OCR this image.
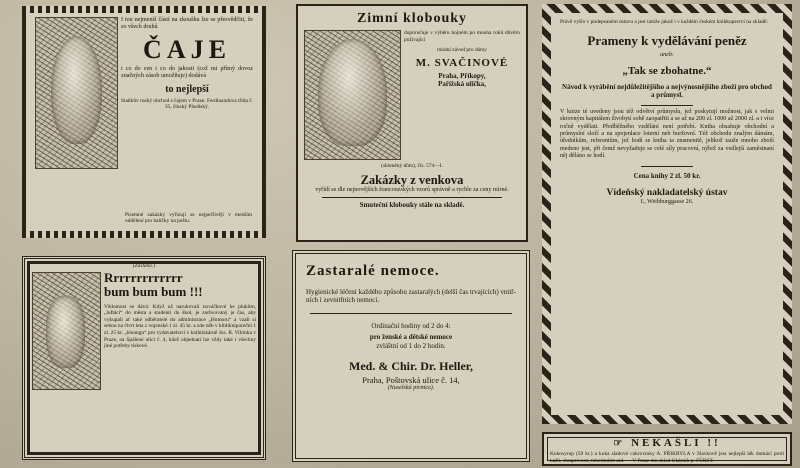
I tou nejmenší částí na zkoušku lze se přesvědčiti, že so všech druhů
ČAJE
i co do cen i co do jakosti (což mi přímý dovoz značných zásob umožňuje) dodává
to nejlepší
Staňkův ruský obchod s čajem v Praze, Ferdinandova třída č. 35, čínský Plzeňský.
Písemné zakázky vyřizují se nejpečlivěji v menším oddělení pro balíčky na poštu.
Zimní klobouky
doporučuje v výběru hojném po mnoha roků důvěrn požívající
módní závod pro dámy
M. SVAČINOVÉ
Praha, Příkopy,
Pařížská ulička,
(skleněný dům), čís. 574—I.
Zakázky z venkova
vyřídí se dle nejnovějších francouzských vzorů správně a rychle za ceny mírné.
Smuteční klobouky stále na skladě.
Právě vyšlo v podepsaném ústavu a jest tamže jakož i v každém českém knihkupectví na skladě:
Prameny k vydělávání peněz
aneb:
„Tak se zbohatne.“
Návod k vyrábění nejdůležitějšího a nejvýnosnějšího zboží pro obchod a průmysl.
V knize té uvedeny jsou též odvětví průmyslu, jež poskytují možnost, jak s velmi skrovným kapitálem živobytí sobě zaopatřiti a se až na 200 zl. 1000 až 2000 zl. a i více ročně vydělati. Předběžného vzdělání není potřebí. Kniha obsahuje obchodní a průmyslní složí a na spojenlace loterní neb buržovní. Též obchodu znalým dámám, úřednikům, referentům, jež hodí se kniha ta znamenitě, jelikož tauže mnoho zboží medeno jest, při čemž nevyžaduje se celé síly pracovní, nýbrž za vedlejší zaměstnaní něj děláno se hodí.
Cena knihy 2 zl. 50 kr.
Vídeňský nakladatelský ústav
I., Weihburggasse 26.
(Zaslano.)
Rrrrrrrrrrrrr
bum bum bum !!!
Vědomost se dává: Když už narukovali nováčkové ke plukům, „luftáci“ do města a studenti do škol, je zorhvovaný je čas, aby vykupali ať také odběratelé do administrace „Humoru“ a vzali si sebou na čtvrt leta z vojenské 1 zl. 45 kr. a zde něb v kiblikniporečni 1 zl. 25 kr. „lénungu“ pro vydavatelství v knihtiskárně Jos. R. Vilímka v Praze, na Spálené ulici č. 4, kdež objednati lze vždy také i všechny jiné potřeby tiskové.
Zastaralé nemoce.
Hygienické léčení každého způsobu zastaralých (delší čas trvajících) vnitřních i zevnitřních nemoci.
Ordinační hodiny od 2 do 4:
pro ženské a dětské nemoce
zvláštní od 1 do 2 hodin.
Med. & Chir. Dr. Heller,
Praha, Poštovská ulice č. 14,
(Nuselská pivnice).
☞ NEKAŠLI !!
Kokosyrup (50 kr.) a koka sladové cukrovinky A. PŘIKRYLA v Slavkově jest nejlepší lék domácí proti kašli, chraptivosti, tnhorkniim atd. — V Praze mu sklad lékárník p. FÜRST.
